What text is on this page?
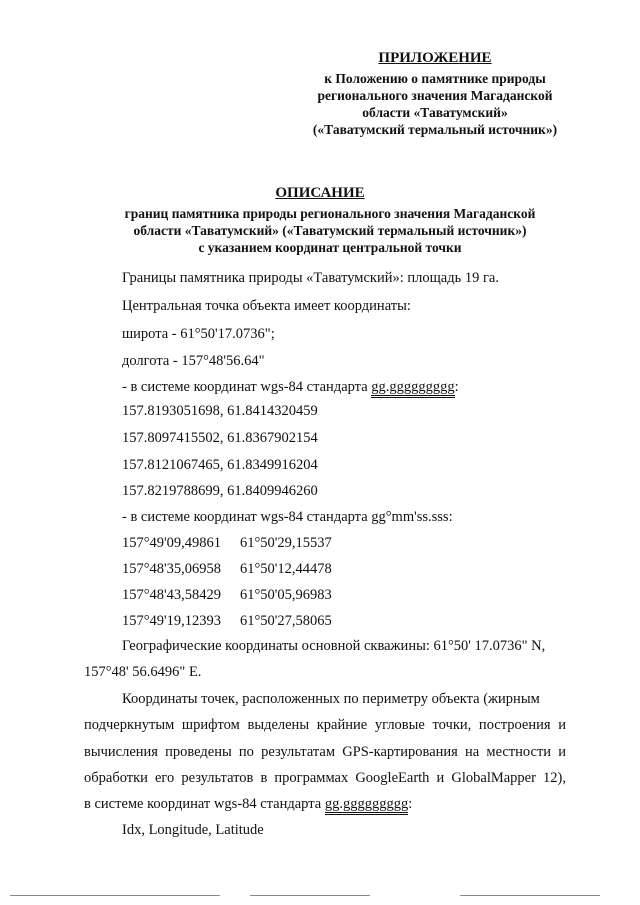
ПРИЛОЖЕНИЕ
к Положению о памятнике природы
регионального значения Магаданской
области «Таватумский»
(«Таватумский термальный источник»)
ОПИСАНИЕ
границ памятника природы регионального значения Магаданской
области «Таватумский» («Таватумский термальный источник»)
с указанием координат центральной точки
Границы памятника природы «Таватумский»: площадь 19 га.
Центральная точка объекта имеет координаты:
широта - 61°50'17.0736";
долгота - 157°48'56.64"
- в системе координат wgs-84 стандарта gg.ggggggggg:
157.8193051698, 61.8414320459
157.8097415502, 61.8367902154
157.8121067465, 61.8349916204
157.8219788699, 61.8409946260
- в системе координат wgs-84 стандарта gg°mm'ss.sss:
157°49'09,49861 61°50'29,15537
157°48'35,06958 61°50'12,44478
157°48'43,58429 61°50'05,96983
157°49'19,12393 61°50'27,58065
Географические координаты основной скважины: 61°50' 17.0736" N,
157°48' 56.6496" E.
Координаты точек, расположенных по периметру объекта (жирным
подчеркнутым шрифтом выделены крайние угловые точки, построения и
вычисления проведены по результатам GPS-картирования на местности и
обработки его результатов в программах GoogleEarth и GlobalMapper 12),
в системе координат wgs-84 стандарта gg.ggggggggg:
Idx, Longitude, Latitude
